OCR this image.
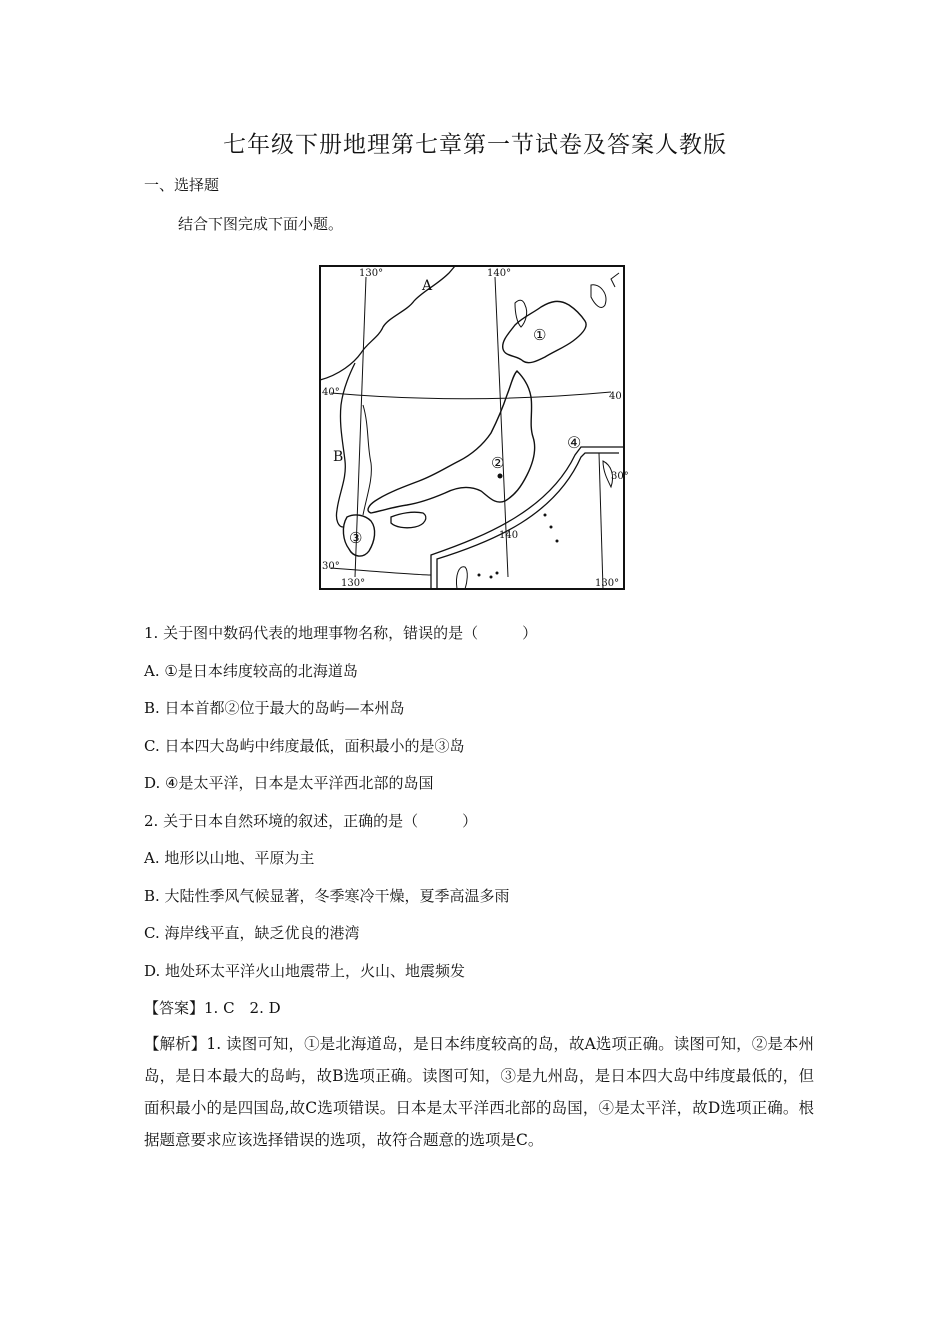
七年级下册地理第七章第一节试卷及答案人教版
一、选择题
结合下图完成下面小题。
①
②
③
④
130°	140°
40°	40
30°
30°
130°
140
130°
A
B
1. 关于图中数码代表的地理事物名称，错误的是（	）
A. ①是日本纬度较高的北海道岛
B. 日本首都②位于最大的岛屿—本州岛
C. 日本四大岛屿中纬度最低，面积最小的是③岛
D. ④是太平洋，日本是太平洋西北部的岛国
2. 关于日本自然环境的叙述，正确的是（	）
A. 地形以山地、平原为主
B. 大陆性季风气候显著，冬季寒冷干燥，夏季高温多雨
C. 海岸线平直，缺乏优良的港湾
D. 地处环太平洋火山地震带上，火山、地震频发
【答案】1. C　2. D
【解析】1. 读图可知，①是北海道岛，是日本纬度较高的岛，故A选项正确。读图可知，②是本州岛，是日本最大的岛屿，故B选项正确。读图可知，③是九州岛，是日本四大岛中纬度最低的，但面积最小的是四国岛,故C选项错误。日本是太平洋西北部的岛国，④是太平洋，故D选项正确。根据题意要求应该选择错误的选项，故符合题意的选项是C。
